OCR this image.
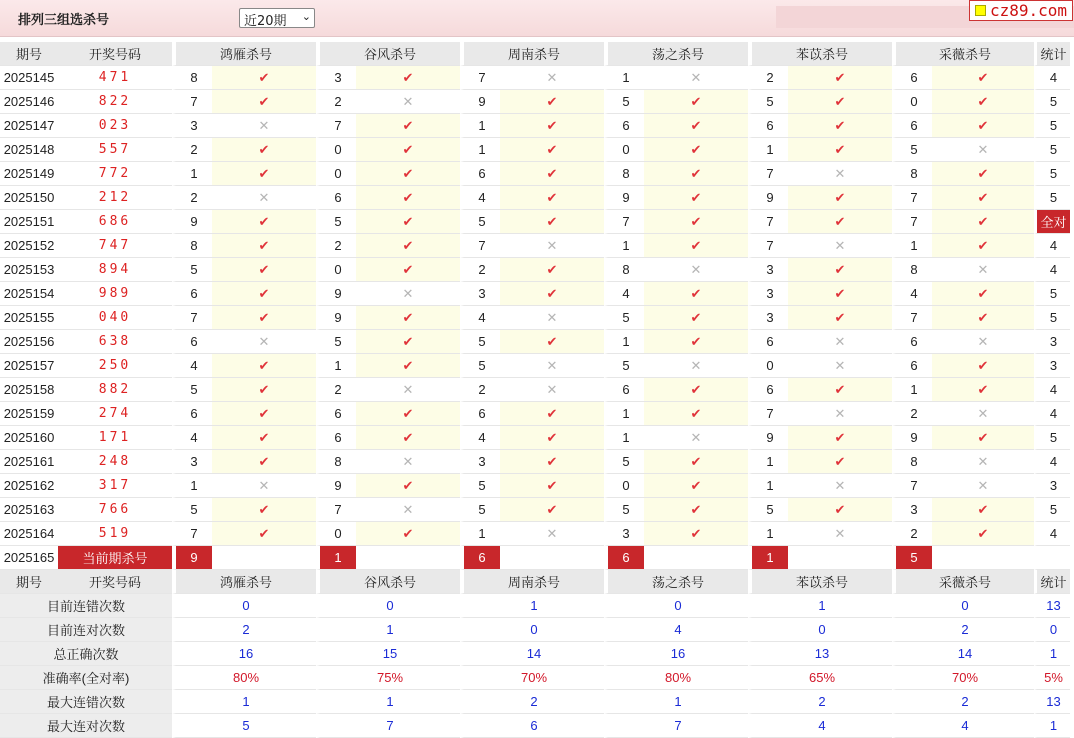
排列三组选杀号	近20期 ⌄	cz89.com
期号	开奖号码	鸿雁杀号		谷风杀号		周南杀号		荡之杀号		苯苡杀号		采薇杀号		统计
2025145	471	8	✔	3	✔	7	✕	1	✕	2	✔	6	✔	4
2025146	822	7	✔	2	✕	9	✔	5	✔	5	✔	0	✔	5
2025147	023	3	✕	7	✔	1	✔	6	✔	6	✔	6	✔	5
2025148	557	2	✔	0	✔	1	✔	0	✔	1	✔	5	✕	5
2025149	772	1	✔	0	✔	6	✔	8	✔	7	✕	8	✔	5
2025150	212	2	✕	6	✔	4	✔	9	✔	9	✔	7	✔	5
2025151	686	9	✔	5	✔	5	✔	7	✔	7	✔	7	✔	全对
2025152	747	8	✔	2	✔	7	✕	1	✔	7	✕	1	✔	4
2025153	894	5	✔	0	✔	2	✔	8	✕	3	✔	8	✕	4
2025154	989	6	✔	9	✕	3	✔	4	✔	3	✔	4	✔	5
2025155	040	7	✔	9	✔	4	✕	5	✔	3	✔	7	✔	5
2025156	638	6	✕	5	✔	5	✔	1	✔	6	✕	6	✕	3
2025157	250	4	✔	1	✔	5	✕	5	✕	0	✕	6	✔	3
2025158	882	5	✔	2	✕	2	✕	6	✔	6	✔	1	✔	4
2025159	274	6	✔	6	✔	6	✔	1	✔	7	✕	2	✕	4
2025160	171	4	✔	6	✔	4	✔	1	✕	9	✔	9	✔	5
2025161	248	3	✔	8	✕	3	✔	5	✔	1	✔	8	✕	4
2025162	317	1	✕	9	✔	5	✔	0	✔	1	✕	7	✕	3
2025163	766	5	✔	7	✕	5	✔	5	✔	5	✔	3	✔	5
2025164	519	7	✔	0	✔	1	✕	3	✔	1	✕	2	✔	4
2025165	当前期杀号	9		1		6		6		1		5		
期号	开奖号码	鸿雁杀号		谷风杀号		周南杀号		荡之杀号		苯苡杀号		采薇杀号		统计
目前连错次数		0		0		1		0		1		0		13
目前连对次数		2		1		0		4		0		2		0
总正确次数		16		15		14		16		13		14		1
准确率(全对率)		80%		75%		70%		80%		65%		70%		5%
最大连错次数		1		1		2		1		2		2		13
最大连对次数		5		7		6		7		4		4		1
